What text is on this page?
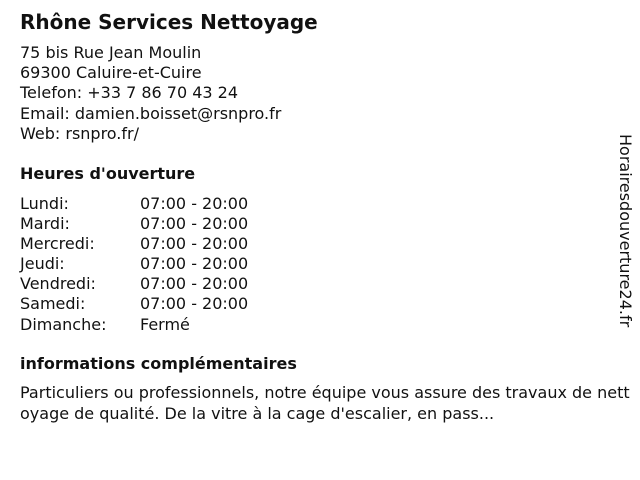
Rhône Services Nettoyage
75 bis Rue Jean Moulin
69300 Caluire-et-Cuire
Telefon: +33 7 86 70 43 24
Email: damien.boisset@rsnpro.fr
Web: rsnpro.fr/
Heures d'ouverture
Lundi:	07:00 - 20:00
Mardi:	07:00 - 20:00
Mercredi:	07:00 - 20:00
Jeudi:	07:00 - 20:00
Vendredi:	07:00 - 20:00
Samedi:	07:00 - 20:00
Dimanche:	Fermé
informations complémentaires
Particuliers ou professionnels, notre équipe vous assure des travaux de nettoyage de qualité. De la vitre à la cage d'escalier, en pass...
Horairesdouverture24.fr
